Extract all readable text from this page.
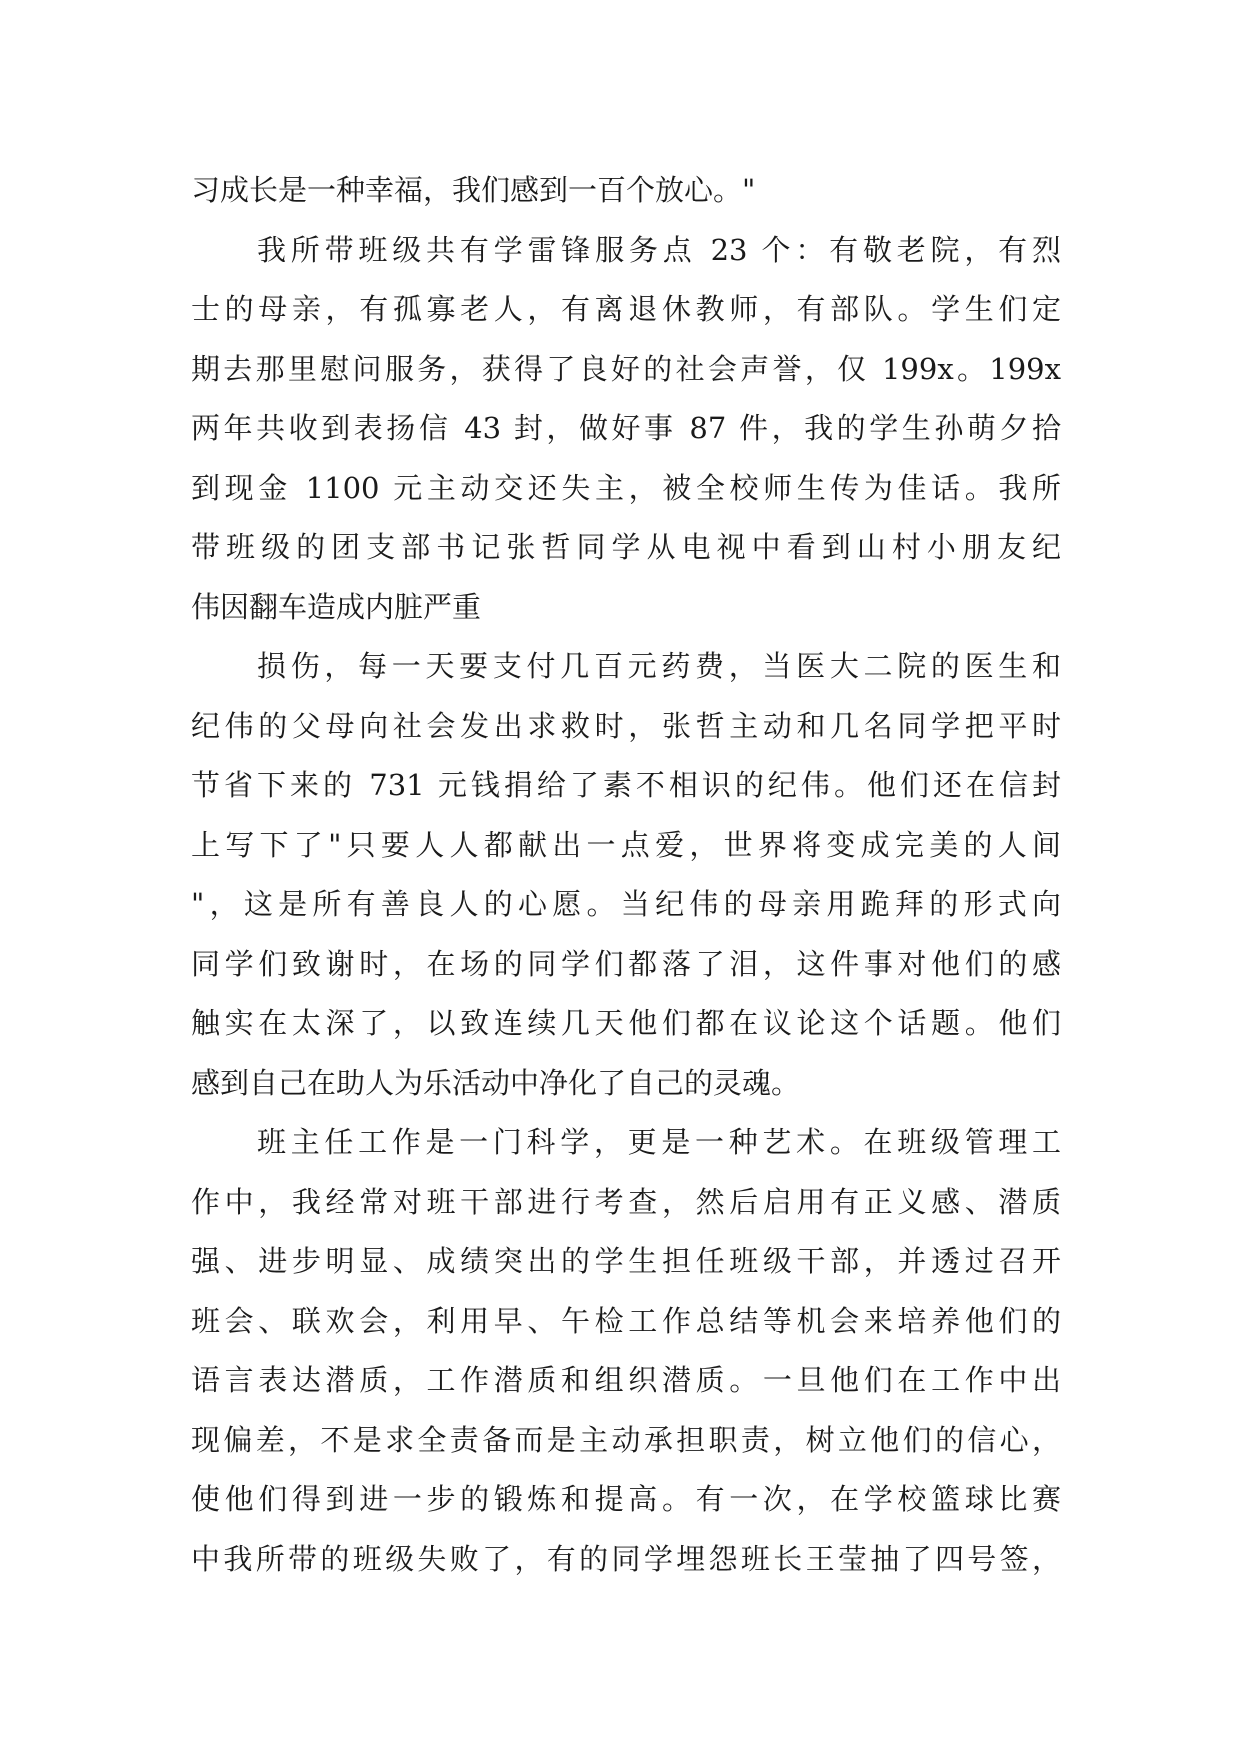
习成长是一种幸福，我们感到一百个放心。"
我所带班级共有学雷锋服务点 23 个：有敬老院，有烈
士的母亲，有孤寡老人，有离退休教师，有部队。学生们定
期去那里慰问服务，获得了良好的社会声誉，仅 199x。199x
两年共收到表扬信 43 封，做好事 87 件，我的学生孙萌夕拾
到现金 1100 元主动交还失主，被全校师生传为佳话。我所
带班级的团支部书记张哲同学从电视中看到山村小朋友纪
伟因翻车造成内脏严重
损伤，每一天要支付几百元药费，当医大二院的医生和
纪伟的父母向社会发出求救时，张哲主动和几名同学把平时
节省下来的 731 元钱捐给了素不相识的纪伟。他们还在信封
上写下了"只要人人都献出一点爱，世界将变成完美的人间
"，这是所有善良人的心愿。当纪伟的母亲用跪拜的形式向
同学们致谢时，在场的同学们都落了泪，这件事对他们的感
触实在太深了，以致连续几天他们都在议论这个话题。他们
感到自己在助人为乐活动中净化了自己的灵魂。
班主任工作是一门科学，更是一种艺术。在班级管理工
作中，我经常对班干部进行考查，然后启用有正义感、潜质
强、进步明显、成绩突出的学生担任班级干部，并透过召开
班会、联欢会，利用早、午检工作总结等机会来培养他们的
语言表达潜质，工作潜质和组织潜质。一旦他们在工作中出
现偏差，不是求全责备而是主动承担职责，树立他们的信心，
使他们得到进一步的锻炼和提高。有一次，在学校篮球比赛
中我所带的班级失败了，有的同学埋怨班长王莹抽了四号签，
